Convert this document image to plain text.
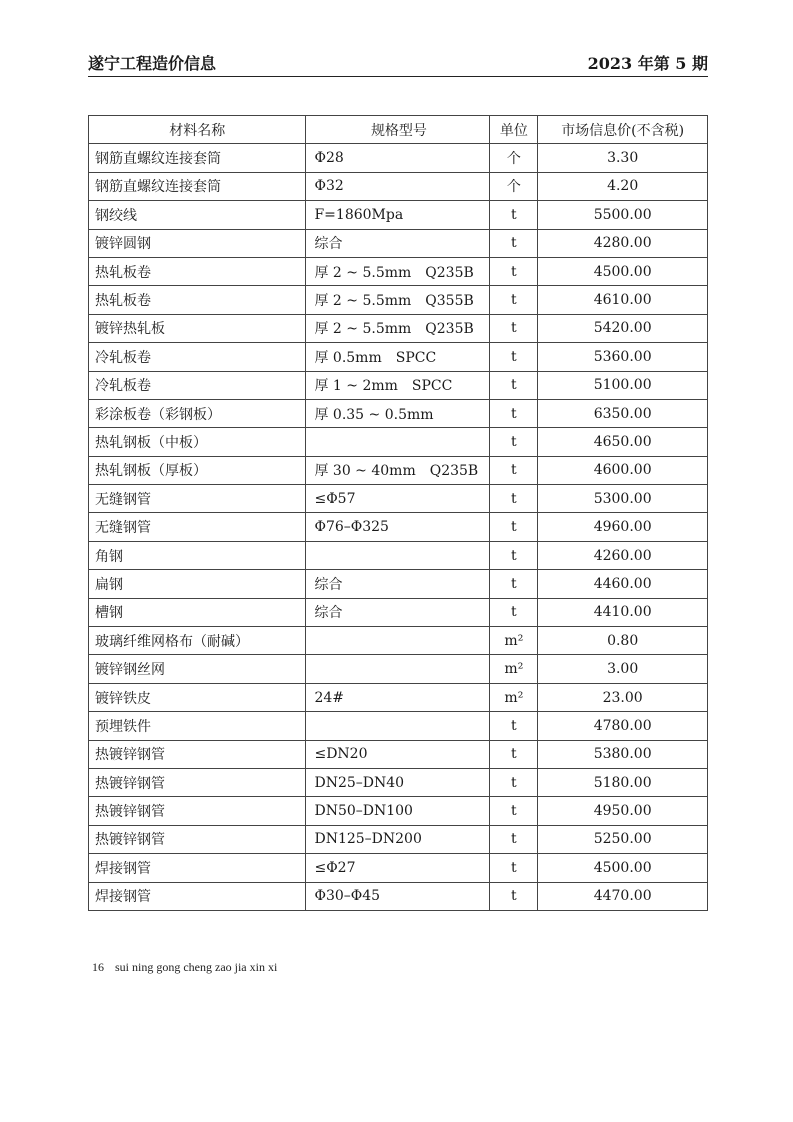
遂宁工程造价信息	2023 年第 5 期
材料名称	规格型号	单位	市场信息价(不含税)
钢筋直螺纹连接套筒	Φ28	个	3.30
钢筋直螺纹连接套筒	Φ32	个	4.20
钢绞线	F=1860Mpa	t	5500.00
镀锌圆钢	综合	t	4280.00
热轧板卷	厚 2 ~ 5.5mm　Q235B	t	4500.00
热轧板卷	厚 2 ~ 5.5mm　Q355B	t	4610.00
镀锌热轧板	厚 2 ~ 5.5mm　Q235B	t	5420.00
冷轧板卷	厚 0.5mm　SPCC	t	5360.00
冷轧板卷	厚 1 ~ 2mm　SPCC	t	5100.00
彩涂板卷（彩钢板）	厚 0.35 ~ 0.5mm	t	6350.00
热轧钢板（中板）		t	4650.00
热轧钢板（厚板）	厚 30 ~ 40mm　Q235B	t	4600.00
无缝钢管	≤Φ57	t	5300.00
无缝钢管	Φ76–Φ325	t	4960.00
角钢		t	4260.00
扁钢	综合	t	4460.00
槽钢	综合	t	4410.00
玻璃纤维网格布（耐碱）		m²	0.80
镀锌钢丝网		m²	3.00
镀锌铁皮	24#	m²	23.00
预埋铁件		t	4780.00
热镀锌钢管	≤DN20	t	5380.00
热镀锌钢管	DN25–DN40	t	5180.00
热镀锌钢管	DN50–DN100	t	4950.00
热镀锌钢管	DN125–DN200	t	5250.00
焊接钢管	≤Φ27	t	4500.00
焊接钢管	Φ30–Φ45	t	4470.00
16 sui ning gong cheng zao jia xin xi
